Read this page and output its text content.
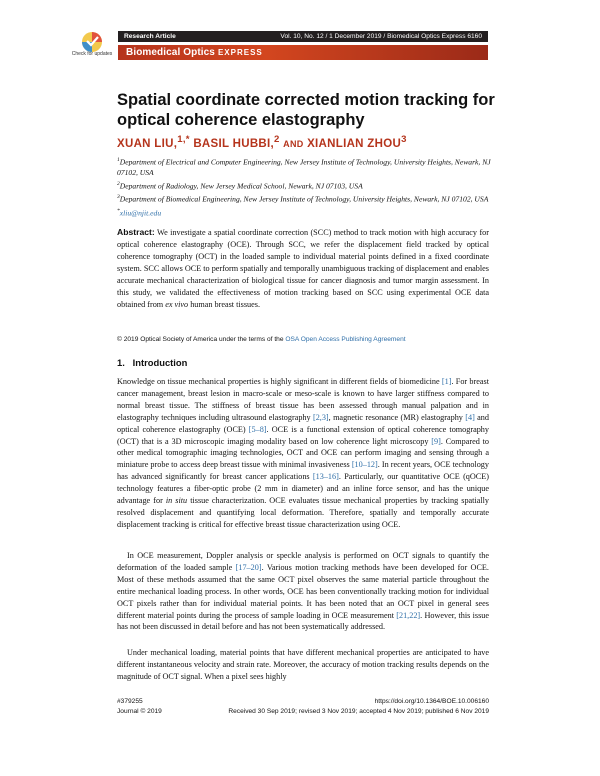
Check for updates
Research Article	Vol. 10, No. 12 / 1 December 2019 / Biomedical Optics Express 6160
Biomedical Optics EXPRESS
Spatial coordinate corrected motion tracking for optical coherence elastography
XUAN LIU,$^{1,*}$ BASIL HUBBI,$^2$ AND XIANLIAN ZHOU$^3$
$^1$Department of Electrical and Computer Engineering, New Jersey Institute of Technology, University Heights, Newark, NJ 07102, USA
$^2$Department of Radiology, New Jersey Medical School, Newark, NJ 07103, USA
$^3$Department of Biomedical Engineering, New Jersey Institute of Technology, University Heights, Newark, NJ 07102, USA
*xliu@njit.edu
Abstract: We investigate a spatial coordinate correction (SCC) method to track motion with high accuracy for optical coherence elastography (OCE). Through SCC, we refer the displacement field tracked by optical coherence tomography (OCT) in the loaded sample to individual material points defined in a fixed coordinate system. SCC allows OCE to perform spatially and temporally unambiguous tracking of displacement and enables accurate mechanical characterization of biological tissue for cancer diagnosis and tumor margin assessment. In this study, we validated the effectiveness of motion tracking based on SCC using experimental OCE data obtained from ex vivo human breast tissues.
© 2019 Optical Society of America under the terms of the OSA Open Access Publishing Agreement
1. Introduction

Knowledge on tissue mechanical properties is highly significant in different fields of biomedicine [1]. For breast cancer management, breast lesion in macro-scale or meso-scale is known to have larger stiffness compared to normal breast tissue. The stiffness of breast tissue has been assessed through manual palpation and in elastography techniques including ultrasound elastography [2,3], magnetic resonance (MR) elastography [4] and optical coherence elastography (OCE) [5–8]. OCE is a functional extension of optical coherence tomography (OCT) that is a 3D microscopic imaging modality based on low coherence light microscopy [9]. Compared to other medical tomographic imaging technologies, OCT and OCE can perform imaging and sensing through a miniature probe to access deep breast tissue with minimal invasiveness [10–12]. In recent years, OCE technology has advanced significantly for breast cancer applications [13–16]. Particularly, our quantitative OCE (qOCE) technology features a fiber-optic probe (2 mm in diameter) and an inline force sensor, and has the unique advantage for in situ tissue characterization. OCE evaluates tissue mechanical properties by tracking spatially resolved displacement and quantifying local deformation. Therefore, spatially and temporally accurate displacement tracking is critical for effective breast tissue characterization using OCE.

In OCE measurement, Doppler analysis or speckle analysis is performed on OCT signals to quantify the deformation of the loaded sample [17–20]. Various motion tracking methods have been developed for OCE. Most of these methods assumed that the same OCT pixel observes the same material particle throughout the entire mechanical loading process. In other words, OCE has been conventionally tracking motion for individual OCT pixels rather than for individual material points. It has been noted that an OCT pixel in general sees different material points during the process of sample loading in OCE measurement [21,22]. However, this issue has not been discussed in detail before and has not been systematically addressed.

Under mechanical loading, material points that have different mechanical properties are anticipated to have different instantaneous velocity and strain rate. Moreover, the accuracy of motion tracking results depends on the magnitude of OCT signal. When a pixel sees highly

#379255	https://doi.org/10.1364/BOE.10.006160
Journal © 2019	Received 30 Sep 2019; revised 3 Nov 2019; accepted 4 Nov 2019; published 6 Nov 2019
